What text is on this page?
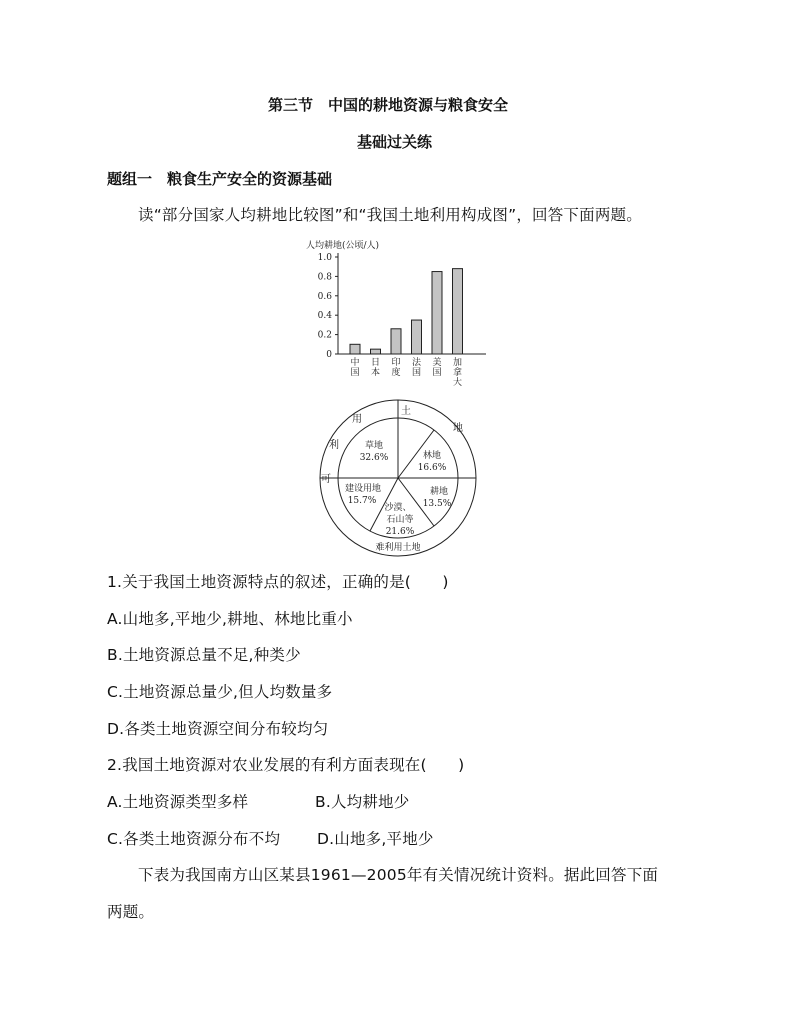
第三节　中国的耕地资源与粮食安全
基础过关练
题组一　粮食生产安全的资源基础
读“部分国家人均耕地比较图”和“我国土地利用构成图”，回答下面两题。
人均耕地(公顷/人)
1.0
0.8
0.6
0.4
0.2
0
中
国
日
本
印
度
法
国
美
国
加
拿
大
可
利
用
土
地
难利用土地
草地
32.6%	林地
16.6%
耕地
13.5%
沙漠、
石山等
21.6%
建设用地
15.7%
1.关于我国土地资源特点的叙述，正确的是(　　)
A.山地多,平地少,耕地、林地比重小
B.土地资源总量不足,种类少
C.土地资源总量少,但人均数量多
D.各类土地资源空间分布较均匀
2.我国土地资源对农业发展的有利方面表现在(　　)
A.土地资源类型多样	B.人均耕地少
C.各类土地资源分布不均 D.山地多,平地少
下表为我国南方山区某县1961—2005年有关情况统计资料。据此回答下面
两题。
